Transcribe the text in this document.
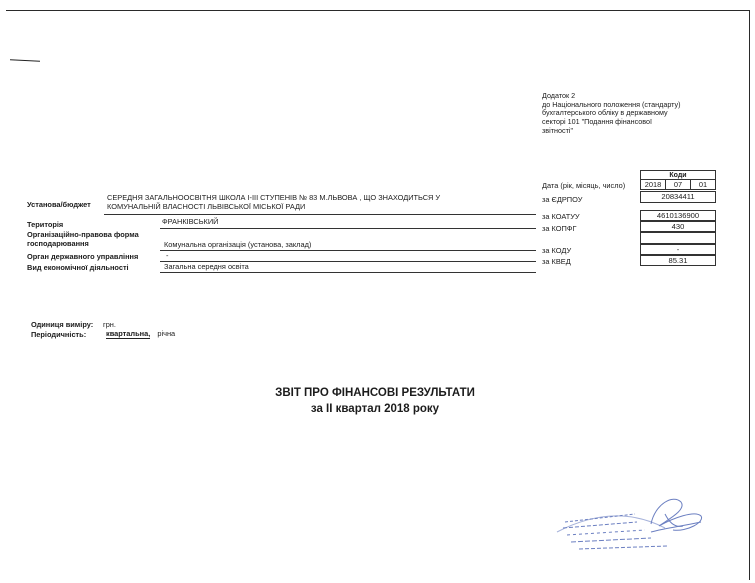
Додаток 2
до Національного положення (стандарту)
бухгалтерського обліку в державному
секторі 101 "Подання фінансової
звітності"
Коди
Дата (рік, місяць, число)	2018	07	01
за ЄДРПОУ	20834411
за КОАТУУ	4610136900
за КОПФГ	430
за КОДУ	-
за КВЕД	85.31
Установа/бюджет
СЕРЕДНЯ ЗАГАЛЬНООСВІТНЯ ШКОЛА І-ІІІ СТУПЕНІВ № 83 М.ЛЬВОВА , ЩО ЗНАХОДИТЬСЯ У
КОМУНАЛЬНІЙ ВЛАСНОСТІ ЛЬВІВСЬКОЇ МІСЬКОЇ РАДИ
Територія	ФРАНКІВСЬКИЙ
Організаційно-правова форма
господарювання	Комунальна організація (установа, заклад)
Орган державного управління	-
Вид економічної діяльності	Загальна середня освіта
Одиниця виміру: грн.
Періодичність:	квартальна, річна
ЗВІТ ПРО ФІНАНСОВІ РЕЗУЛЬТАТИ
за ІІ квартал 2018 року
